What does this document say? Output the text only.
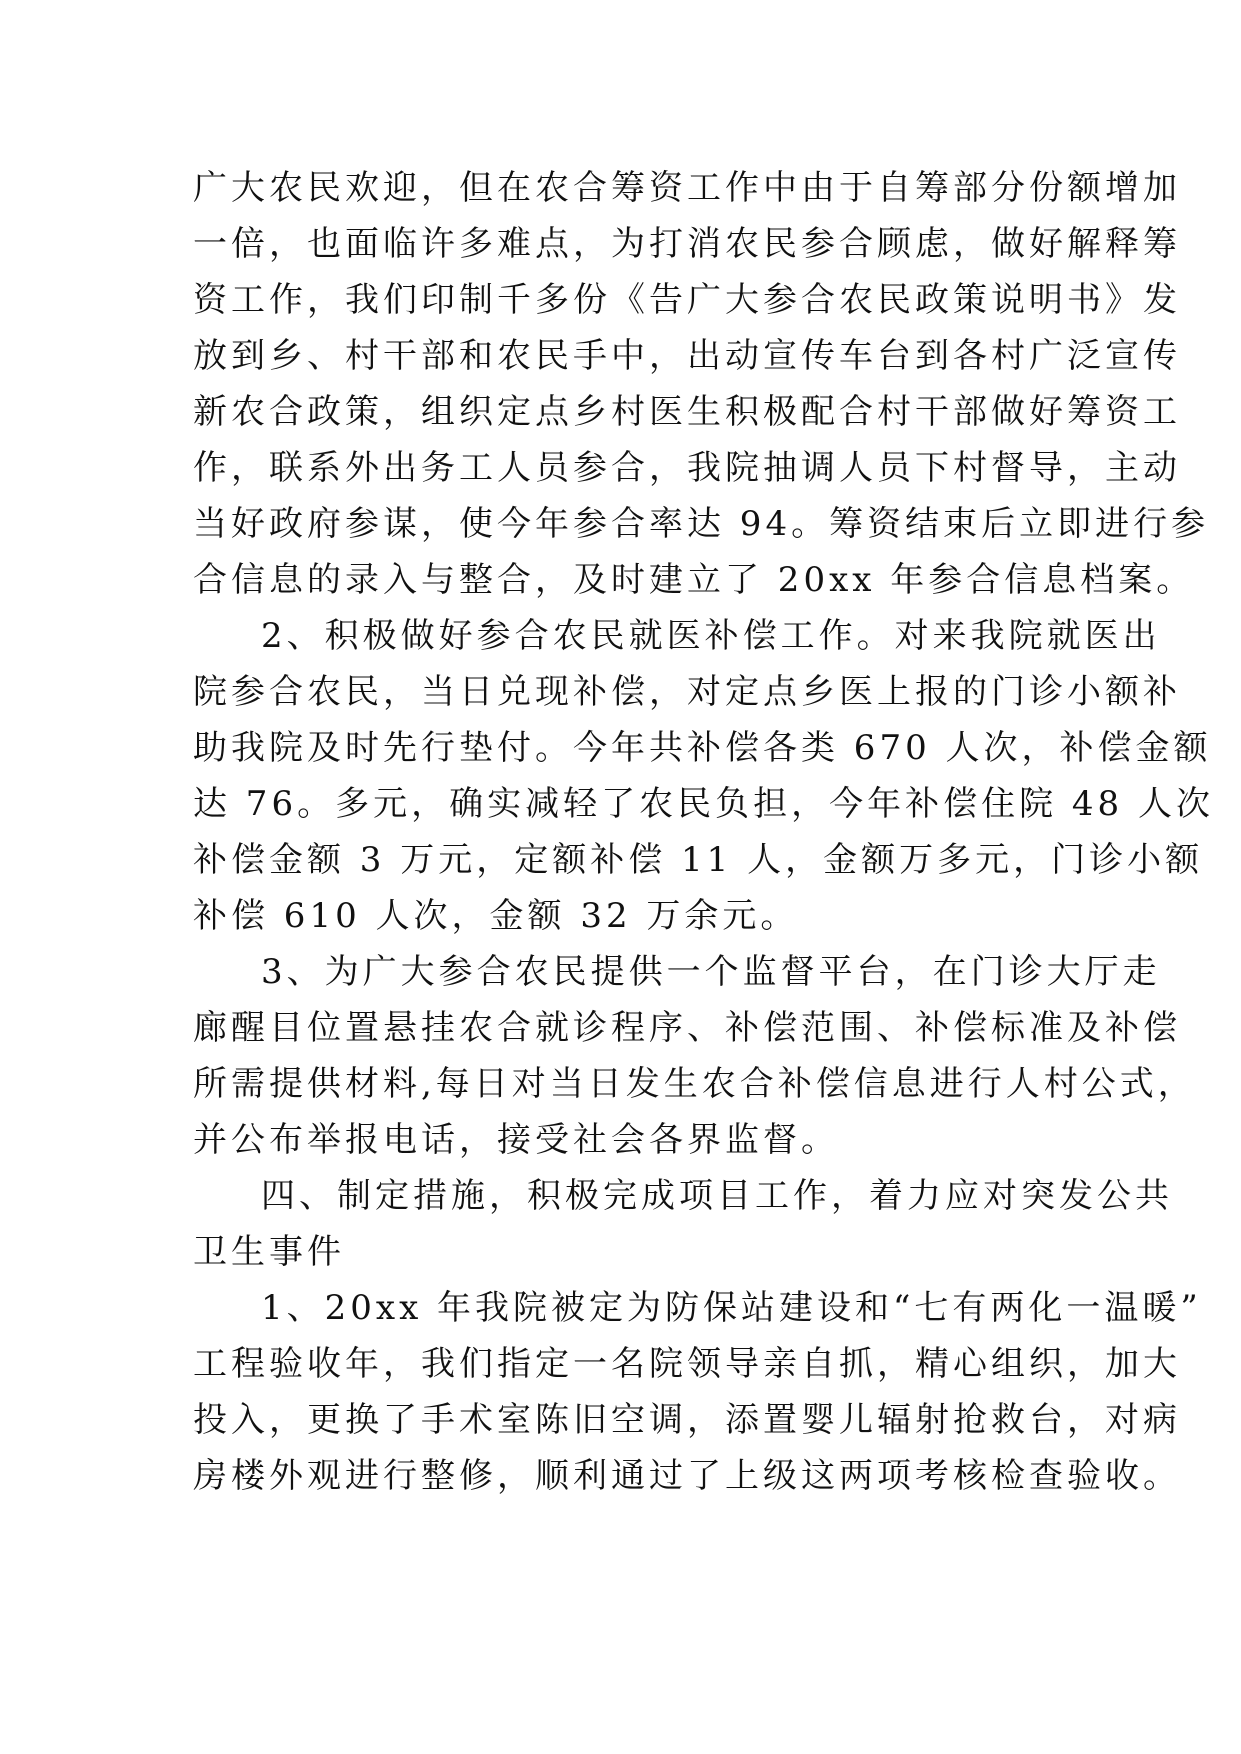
广大农民欢迎，但在农合筹资工作中由于自筹部分份额增加
一倍，也面临许多难点，为打消农民参合顾虑，做好解释筹
资工作，我们印制千多份《告广大参合农民政策说明书》发
放到乡、村干部和农民手中，出动宣传车台到各村广泛宣传
新农合政策，组织定点乡村医生积极配合村干部做好筹资工
作，联系外出务工人员参合，我院抽调人员下村督导，主动
当好政府参谋，使今年参合率达 94。筹资结束后立即进行参
合信息的录入与整合，及时建立了 20xx 年参合信息档案。
2、积极做好参合农民就医补偿工作。对来我院就医出
院参合农民，当日兑现补偿，对定点乡医上报的门诊小额补
助我院及时先行垫付。今年共补偿各类 670 人次，补偿金额
达 76。多元，确实减轻了农民负担，今年补偿住院 48 人次
补偿金额 3 万元，定额补偿 11 人，金额万多元，门诊小额
补偿 610 人次，金额 32 万余元。
3、为广大参合农民提供一个监督平台，在门诊大厅走
廊醒目位置悬挂农合就诊程序、补偿范围、补偿标准及补偿
所需提供材料,每日对当日发生农合补偿信息进行人村公式，
并公布举报电话，接受社会各界监督。
四、制定措施，积极完成项目工作，着力应对突发公共
卫生事件
1、20xx 年我院被定为防保站建设和“七有两化一温暖”
工程验收年，我们指定一名院领导亲自抓，精心组织，加大
投入，更换了手术室陈旧空调，添置婴儿辐射抢救台，对病
房楼外观进行整修，顺利通过了上级这两项考核检查验收。
